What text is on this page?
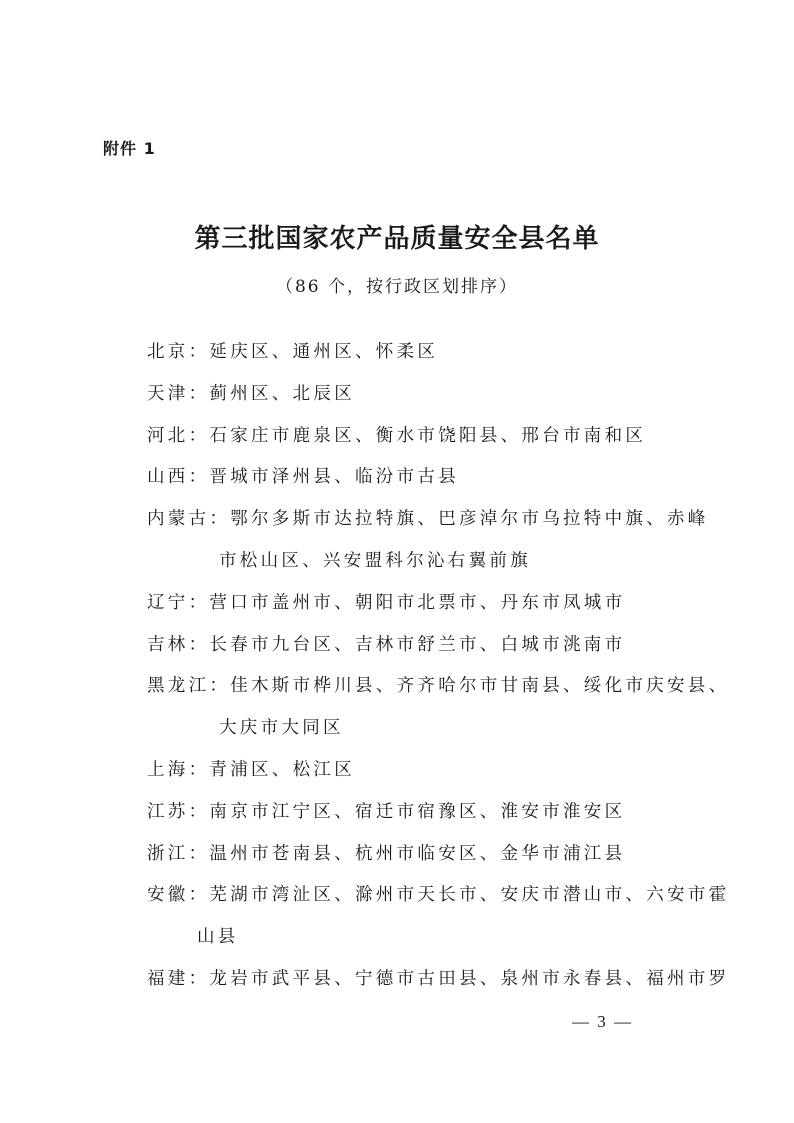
附件 1
第三批国家农产品质量安全县名单
（86 个，按行政区划排序）
北京：延庆区、通州区、怀柔区
天津：蓟州区、北辰区
河北：石家庄市鹿泉区、衡水市饶阳县、邢台市南和区
山西：晋城市泽州县、临汾市古县
内蒙古：鄂尔多斯市达拉特旗、巴彦淖尔市乌拉特中旗、赤峰
市松山区、兴安盟科尔沁右翼前旗
辽宁：营口市盖州市、朝阳市北票市、丹东市凤城市
吉林：长春市九台区、吉林市舒兰市、白城市洮南市
黑龙江：佳木斯市桦川县、齐齐哈尔市甘南县、绥化市庆安县、
大庆市大同区
上海：青浦区、松江区
江苏：南京市江宁区、宿迁市宿豫区、淮安市淮安区
浙江：温州市苍南县、杭州市临安区、金华市浦江县
安徽：芜湖市湾沚区、滁州市天长市、安庆市潜山市、六安市霍
山县
福建：龙岩市武平县、宁德市古田县、泉州市永春县、福州市罗
— 3 —
